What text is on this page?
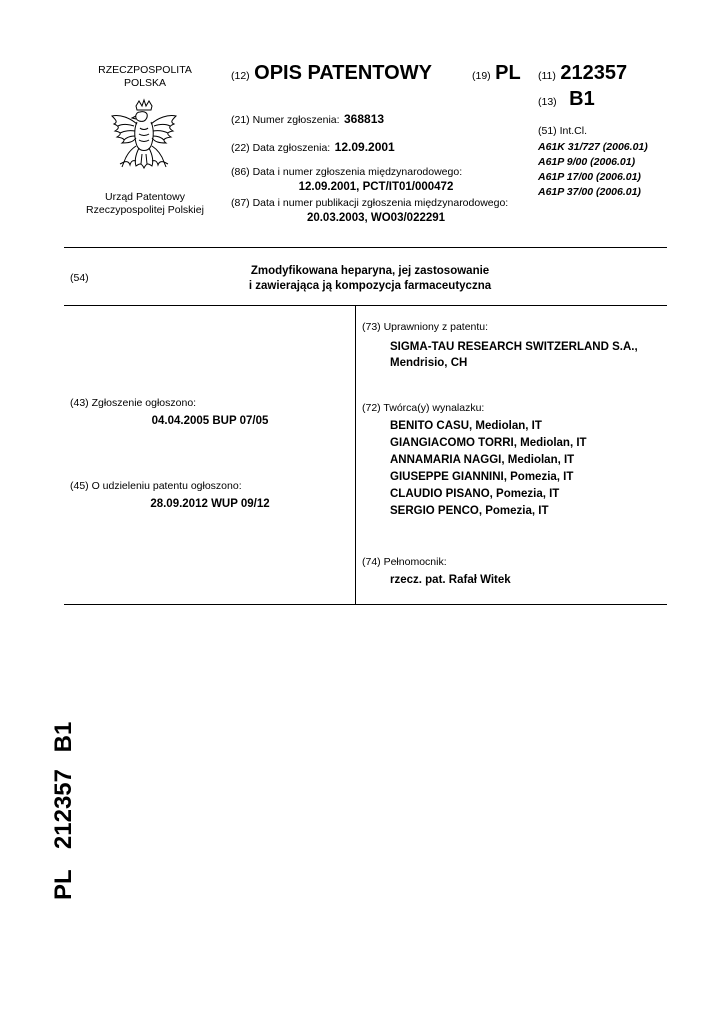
RZECZPOSPOLITA
POLSKA
Urząd Patentowy
Rzeczypospolitej Polskiej
(12) OPIS PATENTOWY	(19) PL (11) 212357
(13) B1
(51) Int.Cl.
A61K 31/727 (2006.01)
A61P 9/00 (2006.01)
A61P 17/00 (2006.01)
A61P 37/00 (2006.01)
(21) Numer zgłoszenia: 368813
(22) Data zgłoszenia: 12.09.2001
(86) Data i numer zgłoszenia międzynarodowego:
12.09.2001, PCT/IT01/000472
(87) Data i numer publikacji zgłoszenia międzynarodowego:
20.03.2003, WO03/022291
(54)
Zmodyfikowana heparyna, jej zastosowanie
i zawierająca ją kompozycja farmaceutyczna
(43) Zgłoszenie ogłoszono:
04.04.2005 BUP 07/05
(45) O udzieleniu patentu ogłoszono:
28.09.2012 WUP 09/12
(73) Uprawniony z patentu:
SIGMA-TAU RESEARCH SWITZERLAND S.A.,
Mendrisio, CH
(72) Twórca(y) wynalazku:
BENITO CASU, Mediolan, IT
GIANGIACOMO TORRI, Mediolan, IT
ANNAMARIA NAGGI, Mediolan, IT
GIUSEPPE GIANNINI, Pomezia, IT
CLAUDIO PISANO, Pomezia, IT
SERGIO PENCO, Pomezia, IT
(74) Pełnomocnik:
rzecz. pat. Rafał Witek
PL 212357 B1
